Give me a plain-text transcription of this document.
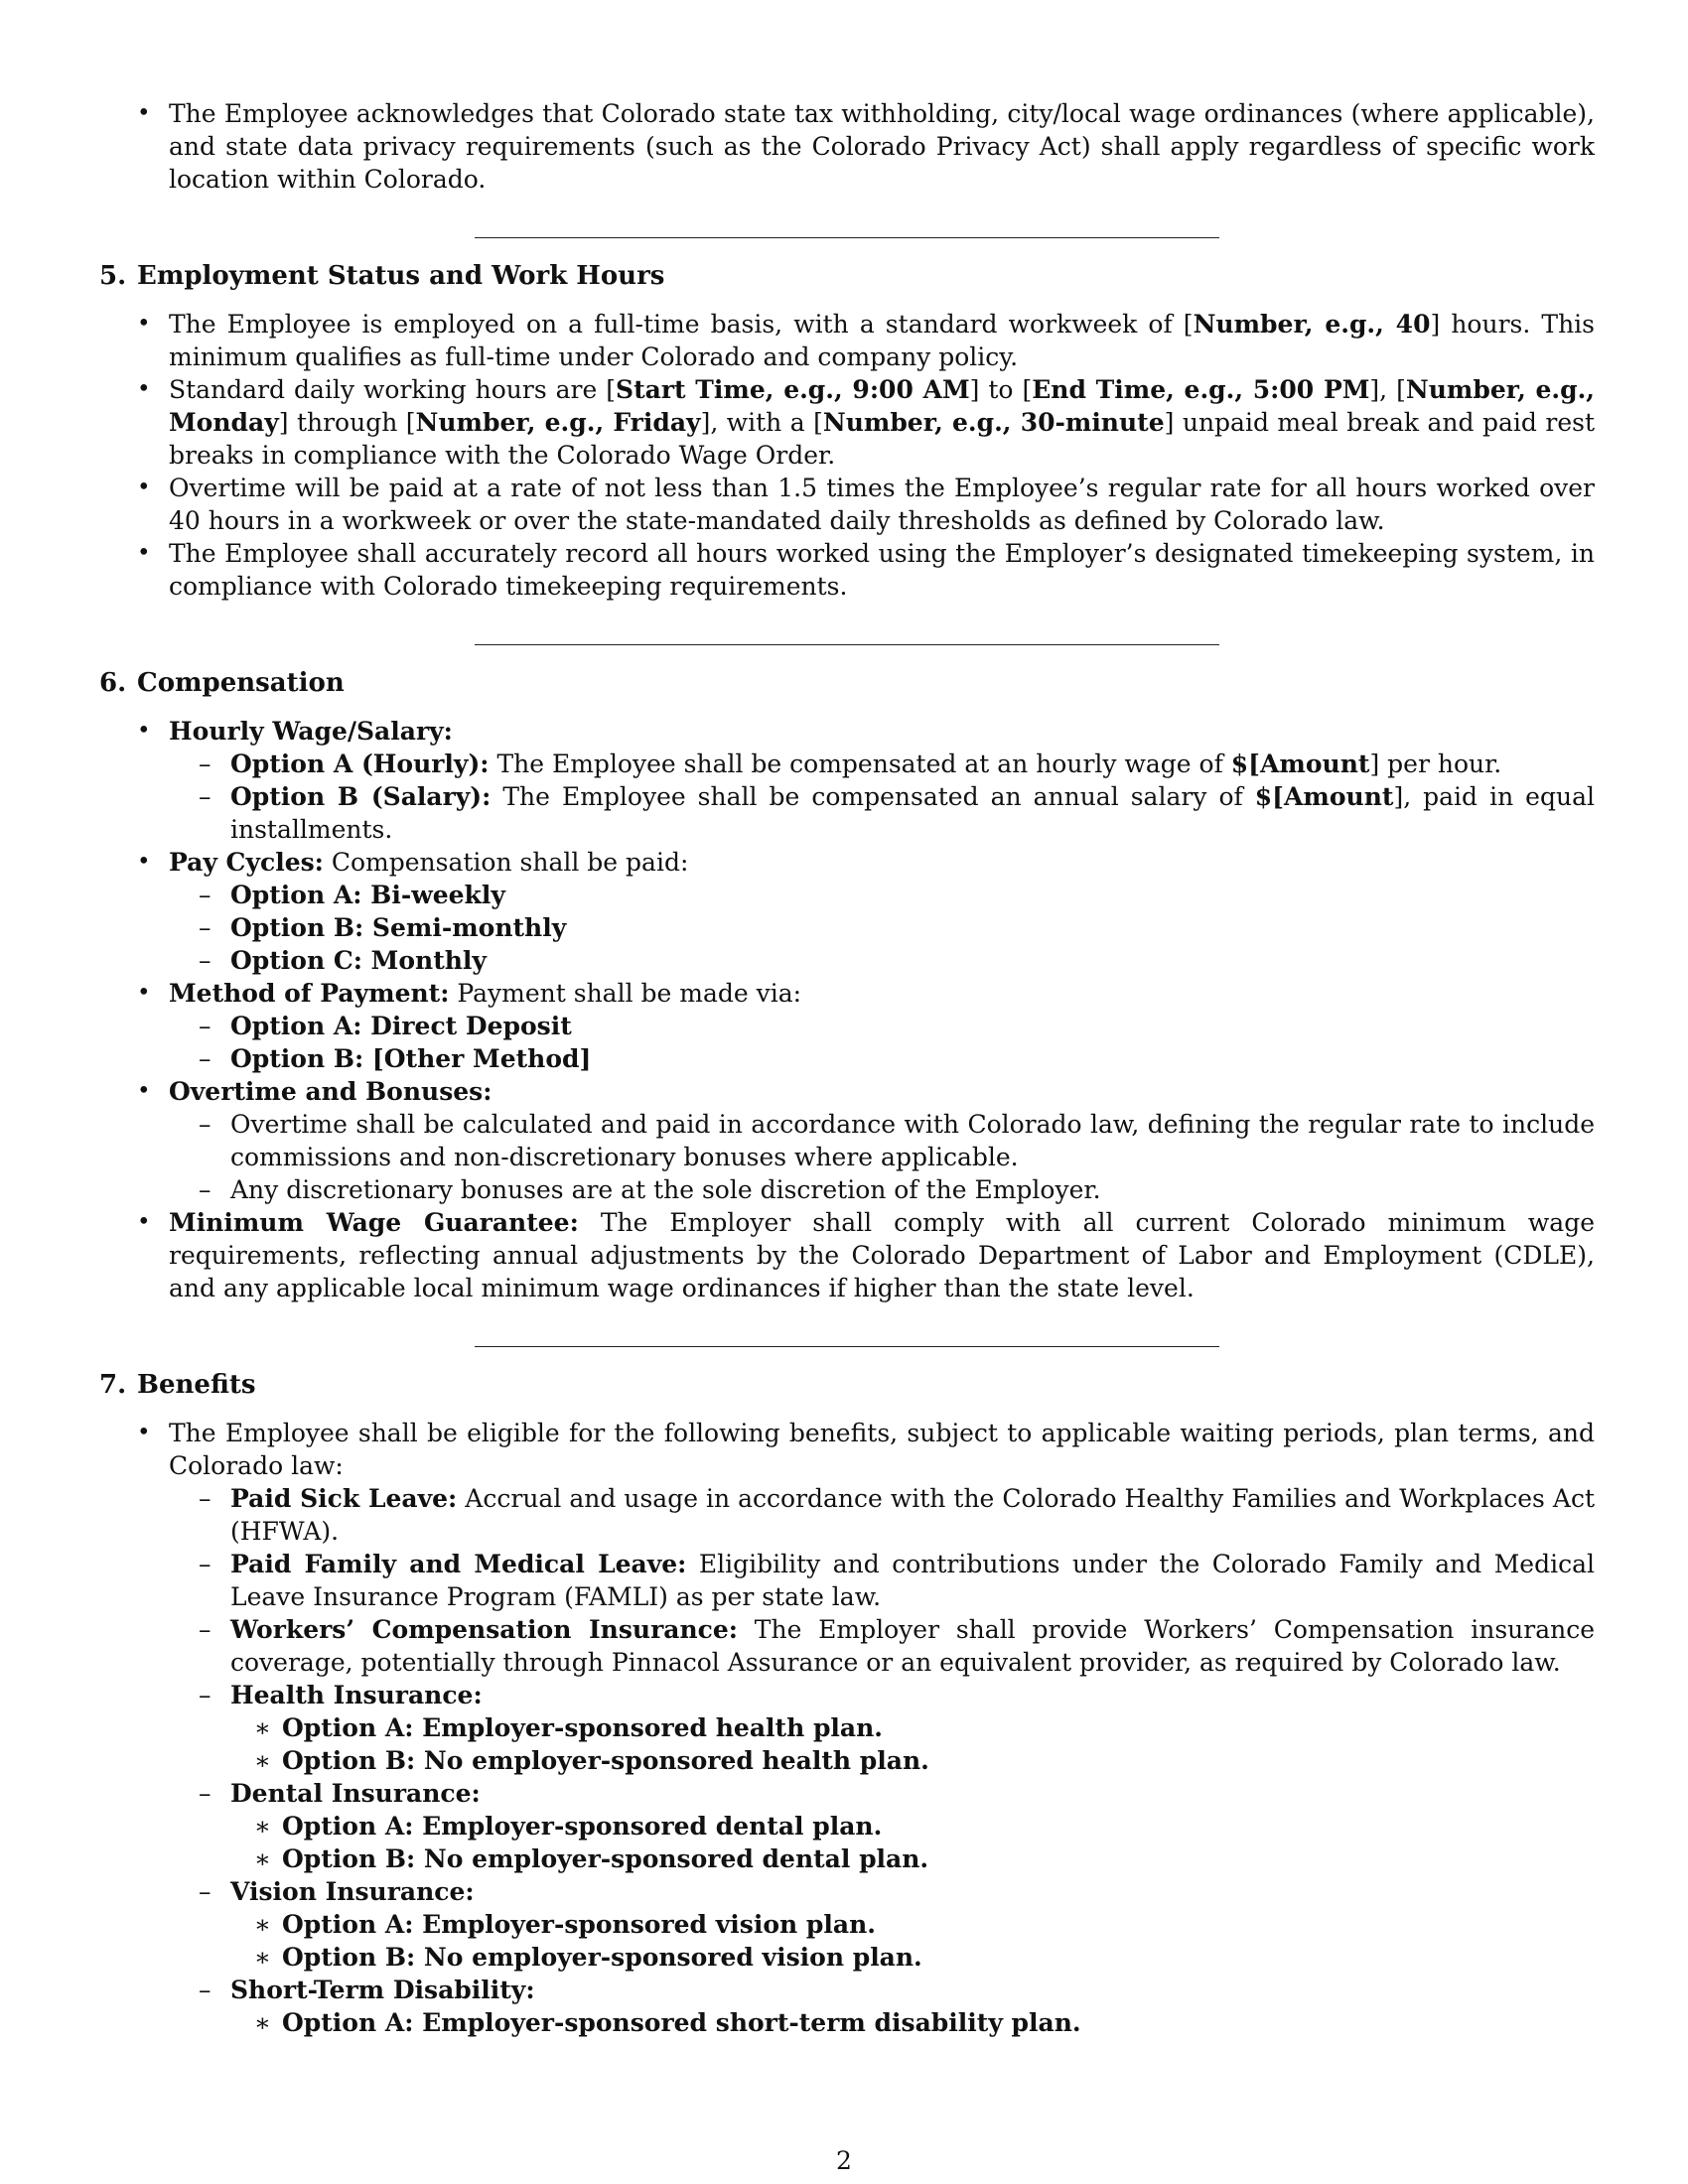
• The Employee acknowledges that Colorado state tax withholding, city/local wage ordinances (where applicable), and state data privacy requirements (such as the Colorado Privacy Act) shall apply regardless of specific work location within Colorado.
5. Employment Status and Work Hours
• The Employee is employed on a full-time basis, with a standard workweek of [Number, e.g., 40] hours. This minimum qualifies as full-time under Colorado and company policy.
• Standard daily working hours are [Start Time, e.g., 9:00 AM] to [End Time, e.g., 5:00 PM], [Number, e.g., Monday] through [Number, e.g., Friday], with a [Number, e.g., 30-minute] unpaid meal break and paid rest breaks in compliance with the Colorado Wage Order.
• Overtime will be paid at a rate of not less than 1.5 times the Employee’s regular rate for all hours worked over 40 hours in a workweek or over the state-mandated daily thresholds as defined by Colorado law.
• The Employee shall accurately record all hours worked using the Employer’s designated timekeeping system, in compliance with Colorado timekeeping requirements.
6. Compensation
• Hourly Wage/Salary:
– Option A (Hourly): The Employee shall be compensated at an hourly wage of $[Amount] per hour.
– Option B (Salary): The Employee shall be compensated an annual salary of $[Amount], paid in equal installments.
• Pay Cycles: Compensation shall be paid:
– Option A: Bi-weekly
– Option B: Semi-monthly
– Option C: Monthly
• Method of Payment: Payment shall be made via:
– Option A: Direct Deposit
– Option B: [Other Method]
• Overtime and Bonuses:
– Overtime shall be calculated and paid in accordance with Colorado law, defining the regular rate to include commissions and non-discretionary bonuses where applicable.
– Any discretionary bonuses are at the sole discretion of the Employer.
• Minimum Wage Guarantee: The Employer shall comply with all current Colorado minimum wage requirements, reflecting annual adjustments by the Colorado Department of Labor and Employment (CDLE), and any applicable local minimum wage ordinances if higher than the state level.
7. Benefits
• The Employee shall be eligible for the following benefits, subject to applicable waiting periods, plan terms, and Colorado law:
– Paid Sick Leave: Accrual and usage in accordance with the Colorado Healthy Families and Workplaces Act (HFWA).
– Paid Family and Medical Leave: Eligibility and contributions under the Colorado Family and Medical Leave Insurance Program (FAMLI) as per state law.
– Workers’ Compensation Insurance: The Employer shall provide Workers’ Compensation insurance coverage, potentially through Pinnacol Assurance or an equivalent provider, as required by Colorado law.
– Health Insurance:
∗ Option A: Employer-sponsored health plan.
∗ Option B: No employer-sponsored health plan.
– Dental Insurance:
∗ Option A: Employer-sponsored dental plan.
∗ Option B: No employer-sponsored dental plan.
– Vision Insurance:
∗ Option A: Employer-sponsored vision plan.
∗ Option B: No employer-sponsored vision plan.
– Short-Term Disability:
∗ Option A: Employer-sponsored short-term disability plan.
2
